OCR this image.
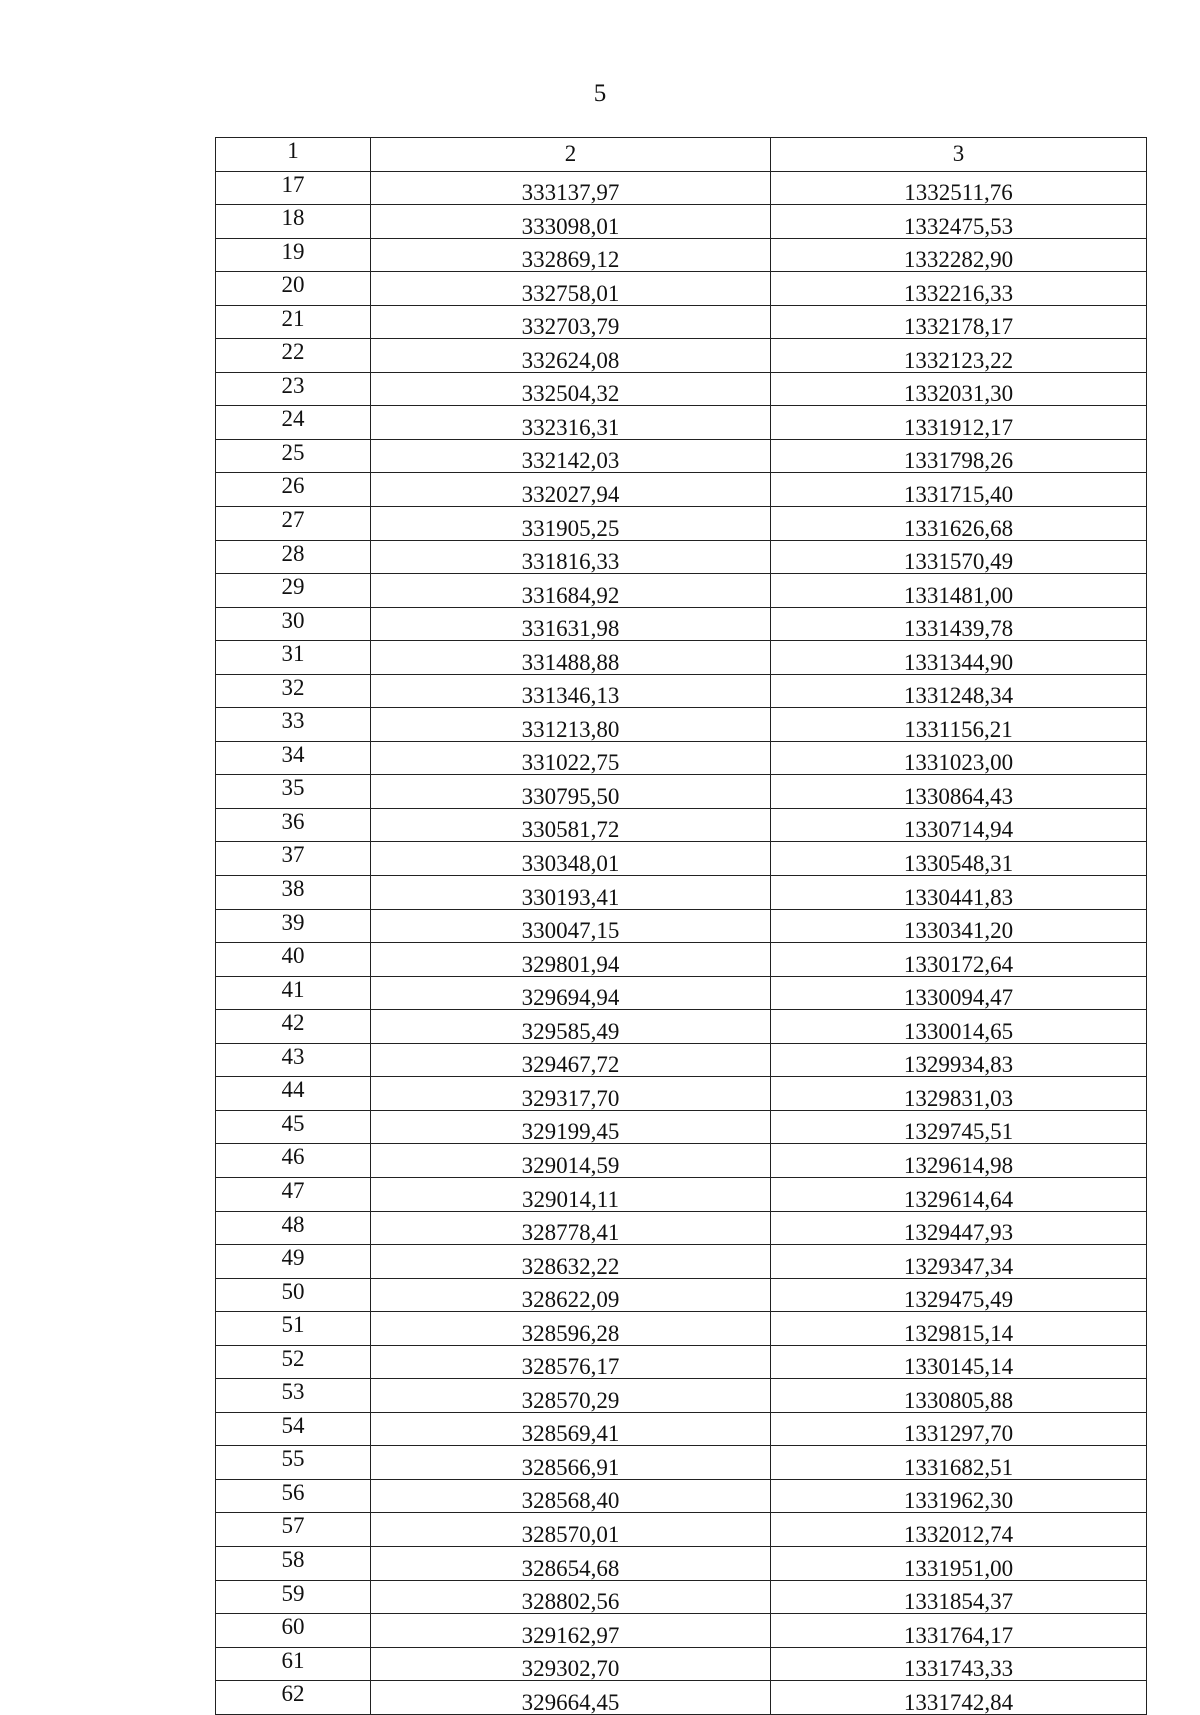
5
1	2	3
17	333137,97	1332511,76
18	333098,01	1332475,53
19	332869,12	1332282,90
20	332758,01	1332216,33
21	332703,79	1332178,17
22	332624,08	1332123,22
23	332504,32	1332031,30
24	332316,31	1331912,17
25	332142,03	1331798,26
26	332027,94	1331715,40
27	331905,25	1331626,68
28	331816,33	1331570,49
29	331684,92	1331481,00
30	331631,98	1331439,78
31	331488,88	1331344,90
32	331346,13	1331248,34
33	331213,80	1331156,21
34	331022,75	1331023,00
35	330795,50	1330864,43
36	330581,72	1330714,94
37	330348,01	1330548,31
38	330193,41	1330441,83
39	330047,15	1330341,20
40	329801,94	1330172,64
41	329694,94	1330094,47
42	329585,49	1330014,65
43	329467,72	1329934,83
44	329317,70	1329831,03
45	329199,45	1329745,51
46	329014,59	1329614,98
47	329014,11	1329614,64
48	328778,41	1329447,93
49	328632,22	1329347,34
50	328622,09	1329475,49
51	328596,28	1329815,14
52	328576,17	1330145,14
53	328570,29	1330805,88
54	328569,41	1331297,70
55	328566,91	1331682,51
56	328568,40	1331962,30
57	328570,01	1332012,74
58	328654,68	1331951,00
59	328802,56	1331854,37
60	329162,97	1331764,17
61	329302,70	1331743,33
62	329664,45	1331742,84
